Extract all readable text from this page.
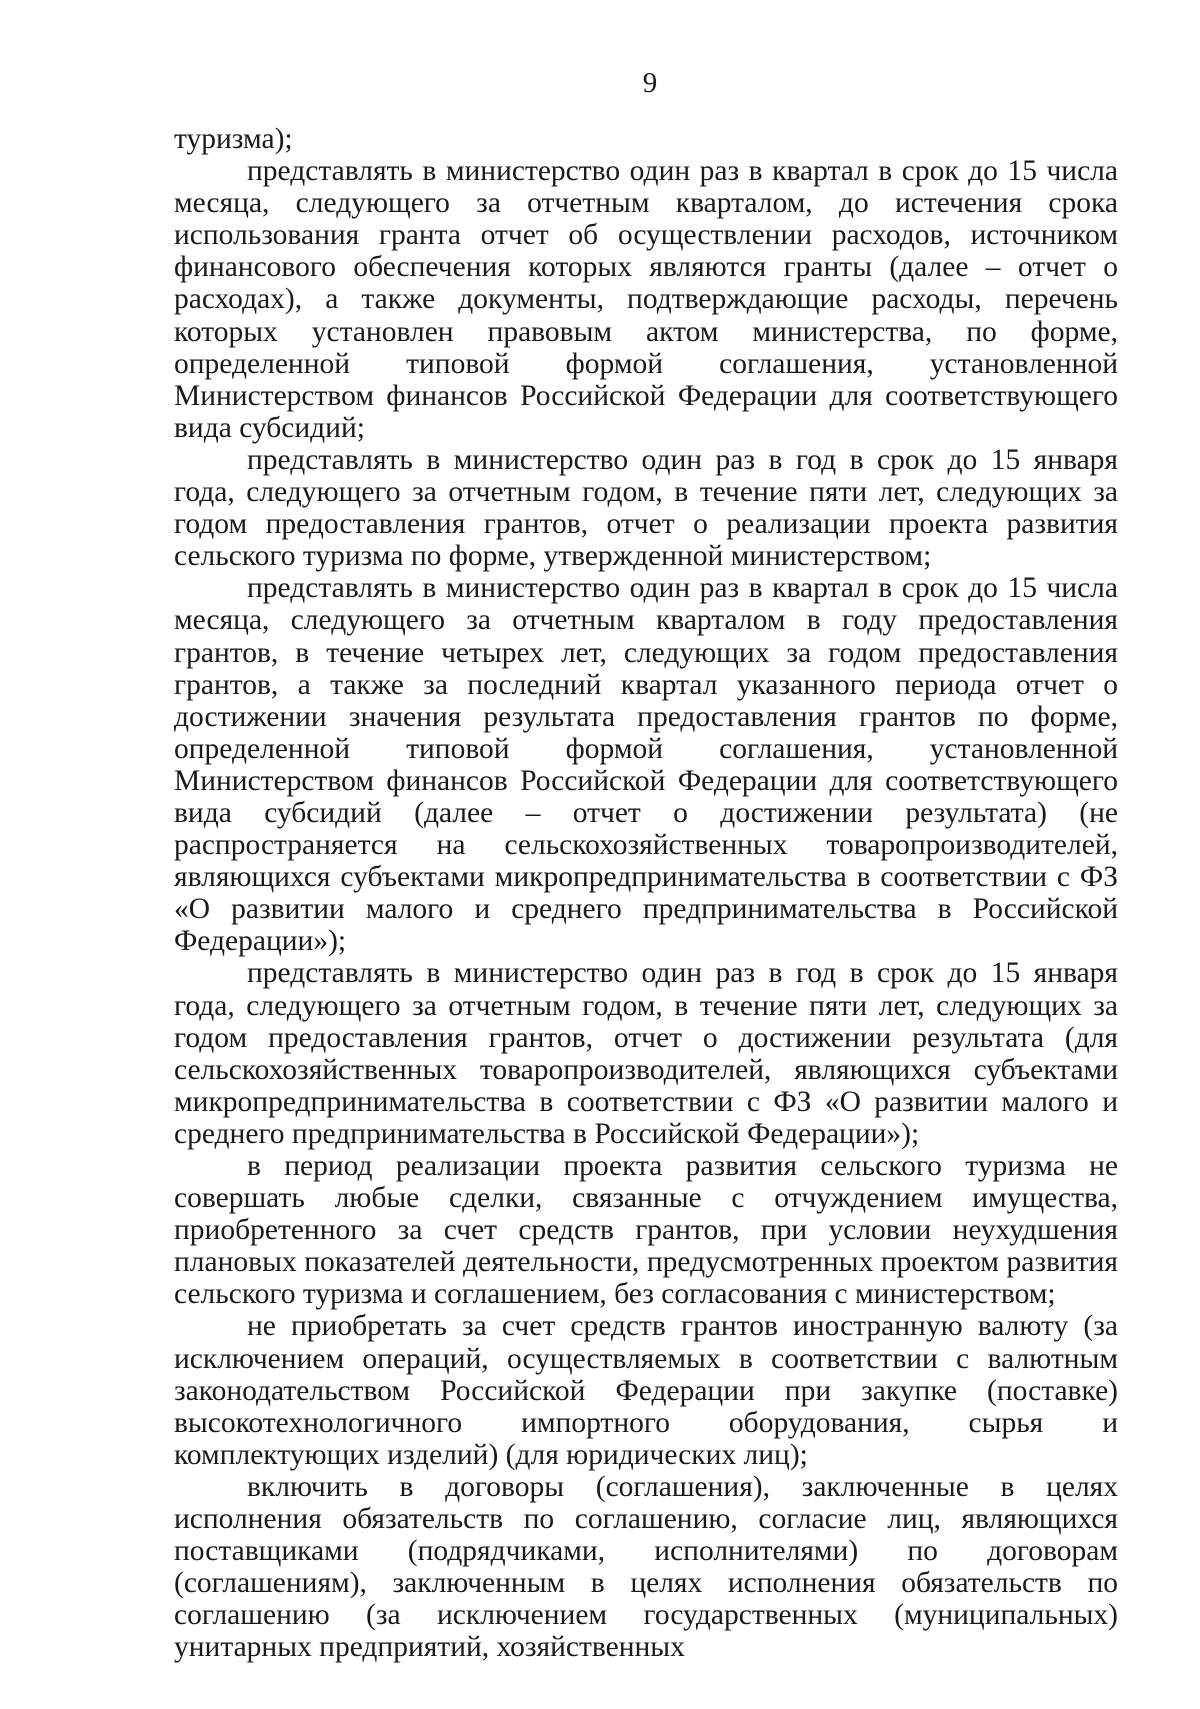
9

туризма);

представлять в министерство один раз в квартал в срок до 15 числа месяца, следующего за отчетным кварталом, до истечения срока использования гранта отчет об осуществлении расходов, источником финансового обеспечения которых являются гранты (далее – отчет о расходах), а также документы, подтверждающие расходы, перечень которых установлен правовым актом министерства, по форме, определенной типовой формой соглашения, установленной Министерством финансов Российской Федерации для соответствующего вида субсидий;

представлять в министерство один раз в год в срок до 15 января года, следующего за отчетным годом, в течение пяти лет, следующих за годом предоставления грантов, отчет о реализации проекта развития сельского туризма по форме, утвержденной министерством;

представлять в министерство один раз в квартал в срок до 15 числа месяца, следующего за отчетным кварталом в году предоставления грантов, в течение четырех лет, следующих за годом предоставления грантов, а также за последний квартал указанного периода отчет о достижении значения результата предоставления грантов по форме, определенной типовой формой соглашения, установленной Министерством финансов Российской Федерации для соответствующего вида субсидий (далее – отчет о достижении результата) (не распространяется на сельскохозяйственных товаропроизводителей, являющихся субъектами микропредпринимательства в соответствии с ФЗ «О развитии малого и среднего предпринимательства в Российской Федерации»);

представлять в министерство один раз в год в срок до 15 января года, следующего за отчетным годом, в течение пяти лет, следующих за годом предоставления грантов, отчет о достижении результата (для сельскохозяйственных товаропроизводителей, являющихся субъектами микропредпринимательства в соответствии с ФЗ «О развитии малого и среднего предпринимательства в Российской Федерации»);

в период реализации проекта развития сельского туризма не совершать любые сделки, связанные с отчуждением имущества, приобретенного за счет средств грантов, при условии неухудшения плановых показателей деятельности, предусмотренных проектом развития сельского туризма и соглашением, без согласования с министерством;

не приобретать за счет средств грантов иностранную валюту (за исключением операций, осуществляемых в соответствии с валютным законодательством Российской Федерации при закупке (поставке) высокотехнологичного импортного оборудования, сырья и комплектующих изделий) (для юридических лиц);

включить в договоры (соглашения), заключенные в целях исполнения обязательств по соглашению, согласие лиц, являющихся поставщиками (подрядчиками, исполнителями) по договорам (соглашениям), заключенным в целях исполнения обязательств по соглашению (за исключением государственных (муниципальных) унитарных предприятий, хозяйственных
